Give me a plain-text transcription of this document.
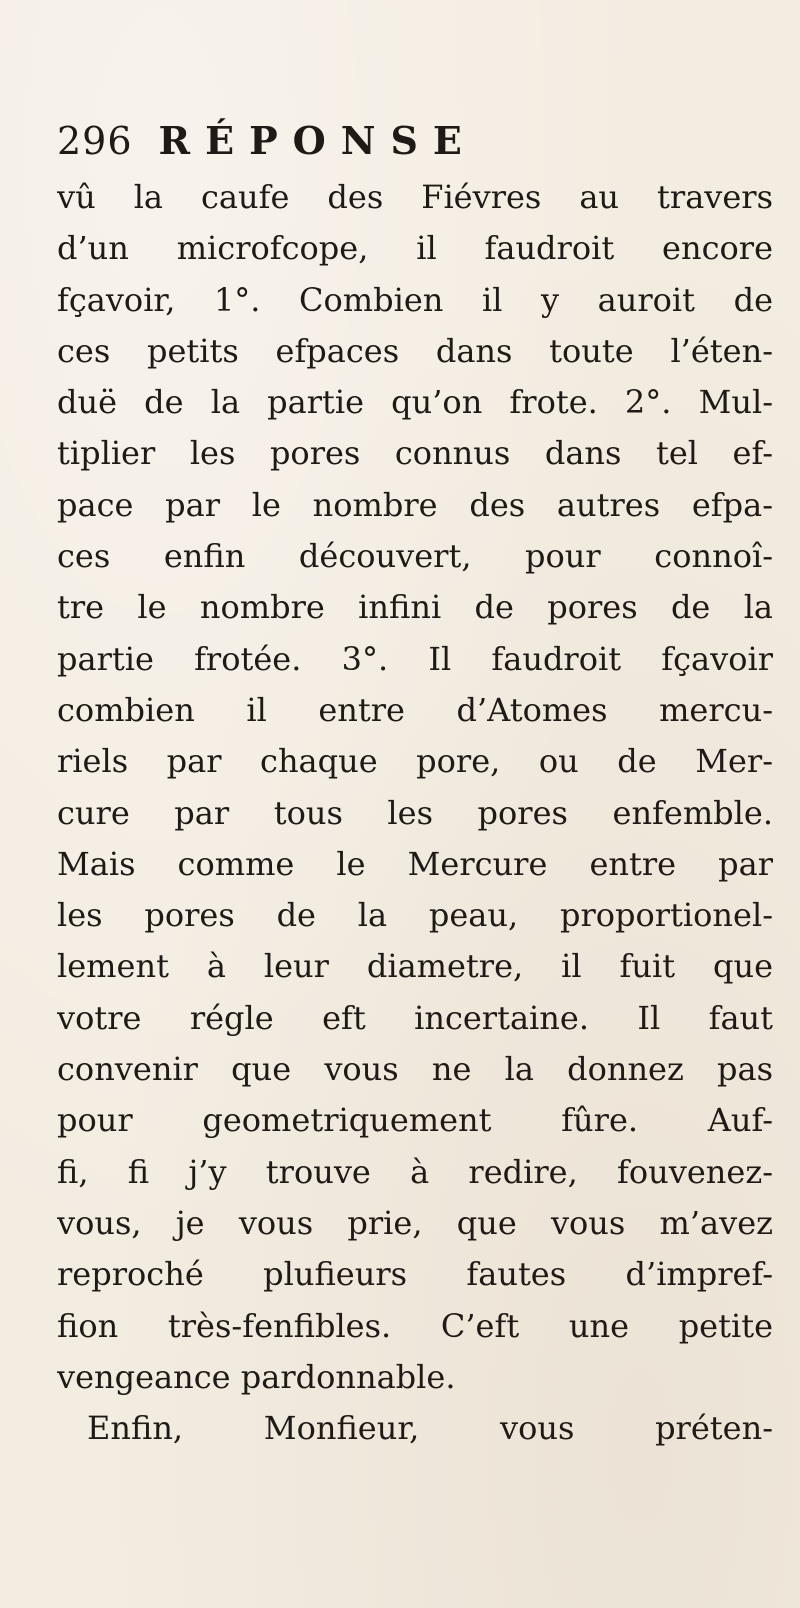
296 RÉPONSE
vû la caufe des Fiévres au travers
d’un microfcope, il faudroit encore
fçavoir, 1°. Combien il y auroit de
ces petits efpaces dans toute l’éten-
duë de la partie qu’on frote. 2°. Mul-
tiplier les pores connus dans tel ef-
pace par le nombre des autres efpa-
ces enfin découvert, pour connoî-
tre le nombre infini de pores de la
partie frotée. 3°. Il faudroit fçavoir
combien il entre d’Atomes mercu-
riels par chaque pore, ou de Mer-
cure par tous les pores enfemble.
Mais comme le Mercure entre par
les pores de la peau, proportionel-
lement à leur diametre, il fuit que
votre régle eft incertaine. Il faut
convenir que vous ne la donnez pas
pour geometriquement fûre. Auf-
fi, fi j’y trouve à redire, fouvenez-
vous, je vous prie, que vous m’avez
reproché plufieurs fautes d’impref-
fion très-fenfibles. C’eft une petite
vengeance pardonnable.
Enfin, Monfieur, vous préten-
